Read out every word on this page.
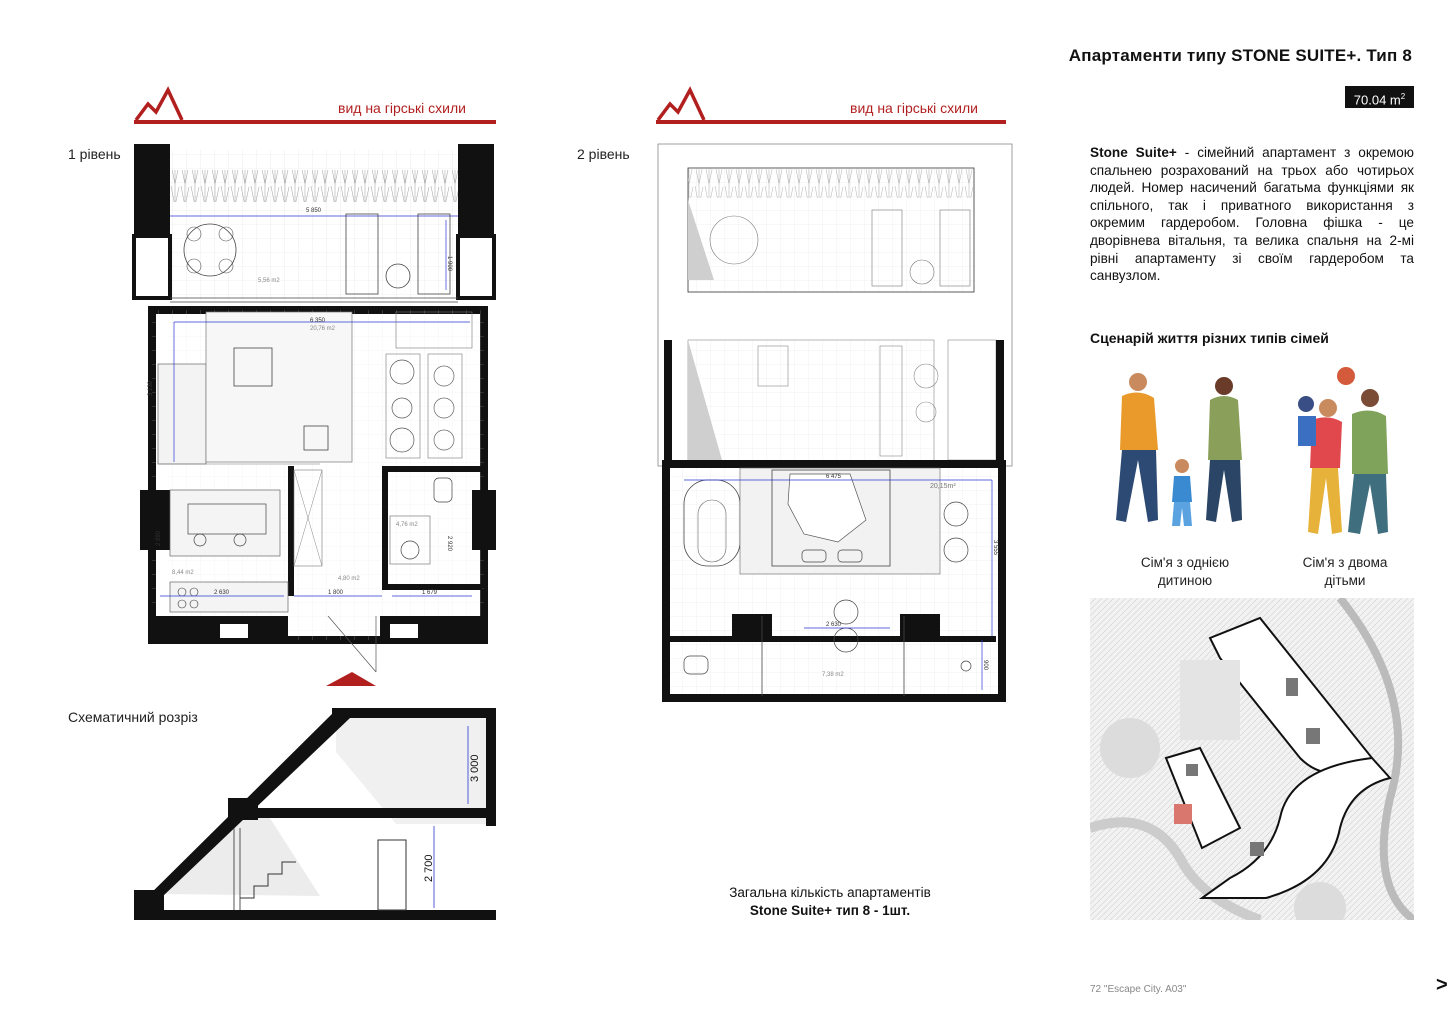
Апартаменти типу STONE SUITE+. Тип 8
70.04 $m^2$
вид на гірські схили	вид на гірські схили
1 рівень	2 рівень
5 850
1 900
5,56 m2
6 350
20,76 m2
3 130
2 990
8,44 m2
2 630
4,76 m2
2 920
4,80 m2
1 800	1 679
6 475
20,15m²
3 555
2 630
7,38 m2
900
Схематичний розріз
3 000
2 700
Загальна кількість апартаментів
Stone Suite+ тип 8 - 1шт.
Stone Suite+ - сімейний апартамент з окремою спальнею розрахований на трьох або чотирьох людей. Номер насичений багатьма функціями як спільного, так і приватного використання з окремим гардеробом. Головна фішка - це дворівнева вітальня, та велика спальня на 2-мі рівні апартаменту зі своїм гардеробом та санвузлом.
Сценарій життя різних типів сімей
Сім'я з однією
дитиною
Сім'я з двома
дітьми
72 "Escape City. A03"	>
